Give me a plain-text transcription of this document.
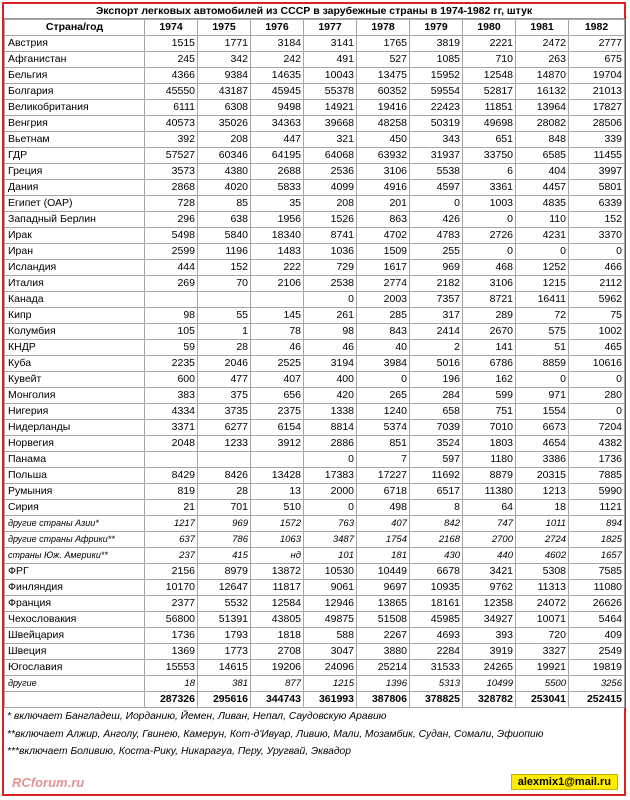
Экспорт легковых автомобилей из СССР в зарубежные страны в 1974-1982 гг, штук
Страна/год	1974	1975	1976	1977	1978	1979	1980	1981	1982
Австрия	1515	1771	3184	3141	1765	3819	2221	2472	2777
Афганистан	245	342	242	491	527	1085	710	263	675
Бельгия	4366	9384	14635	10043	13475	15952	12548	14870	19704
Болгария	45550	43187	45945	55378	60352	59554	52817	16132	21013
Великобритания	6111	6308	9498	14921	19416	22423	11851	13964	17827
Венгрия	40573	35026	34363	39668	48258	50319	49698	28082	28506
Вьетнам	392	208	447	321	450	343	651	848	339
ГДР	57527	60346	64195	64068	63932	31937	33750	6585	11455
Греция	3573	4380	2688	2536	3106	5538	6	404	3997
Дания	2868	4020	5833	4099	4916	4597	3361	4457	5801
Египет (ОАР)	728	85	35	208	201	0	1003	4835	6339
Западный Берлин	296	638	1956	1526	863	426	0	110	152
Ирак	5498	5840	18340	8741	4702	4783	2726	4231	3370
Иран	2599	1196	1483	1036	1509	255	0	0	0
Исландия	444	152	222	729	1617	969	468	1252	466
Италия	269	70	2106	2538	2774	2182	3106	1215	2112
Канада				0	2003	7357	8721	16411	5962
Кипр	98	55	145	261	285	317	289	72	75
Колумбия	105	1	78	98	843	2414	2670	575	1002
КНДР	59	28	46	46	40	2	141	51	465
Куба	2235	2046	2525	3194	3984	5016	6786	8859	10616
Кувейт	600	477	407	400	0	196	162	0	0
Монголия	383	375	656	420	265	284	599	971	280
Нигерия	4334	3735	2375	1338	1240	658	751	1554	0
Нидерланды	3371	6277	6154	8814	5374	7039	7010	6673	7204
Норвегия	2048	1233	3912	2886	851	3524	1803	4654	4382
Панама				0	7	597	1180	3386	1736
Польша	8429	8426	13428	17383	17227	11692	8879	20315	7885
Румыния	819	28	13	2000	6718	6517	11380	1213	5990
Сирия	21	701	510	0	498	8	64	18	1121
другие страны Азии*	1217	969	1572	763	407	842	747	1011	894
другие страны Африки**	637	786	1063	3487	1754	2168	2700	2724	1825
страны Юж. Америки**	237	415	нд	101	181	430	440	4602	1657
ФРГ	2156	8979	13872	10530	10449	6678	3421	5308	7585
Финляндия	10170	12647	11817	9061	9697	10935	9762	11313	11080
Франция	2377	5532	12584	12946	13865	18161	12358	24072	26626
Чехословакия	56800	51391	43805	49875	51508	45985	34927	10071	5464
Швейцария	1736	1793	1818	588	2267	4693	393	720	409
Швеция	1369	1773	2708	3047	3880	2284	3919	3327	2549
Югославия	15553	14615	19206	24096	25214	31533	24265	19921	19819
другие	18	381	877	1215	1396	5313	10499	5500	3256
	287326	295616	344743	361993	387806	378825	328782	253041	252415
* включает Бангладеш, Иорданию, Йемен, Ливан, Непал, Саудовскую Аравию
**включает Алжир, Анголу, Гвинею, Камерун, Кот-д'Ивуар, Ливию, Мали, Мозамбик, Судан, Сомали, Эфиопию
***включает Боливию, Коста-Рику, Никарагуа, Перу, Уругвай, Эквадор
RCforum.ru	alexmix1@mail.ru
